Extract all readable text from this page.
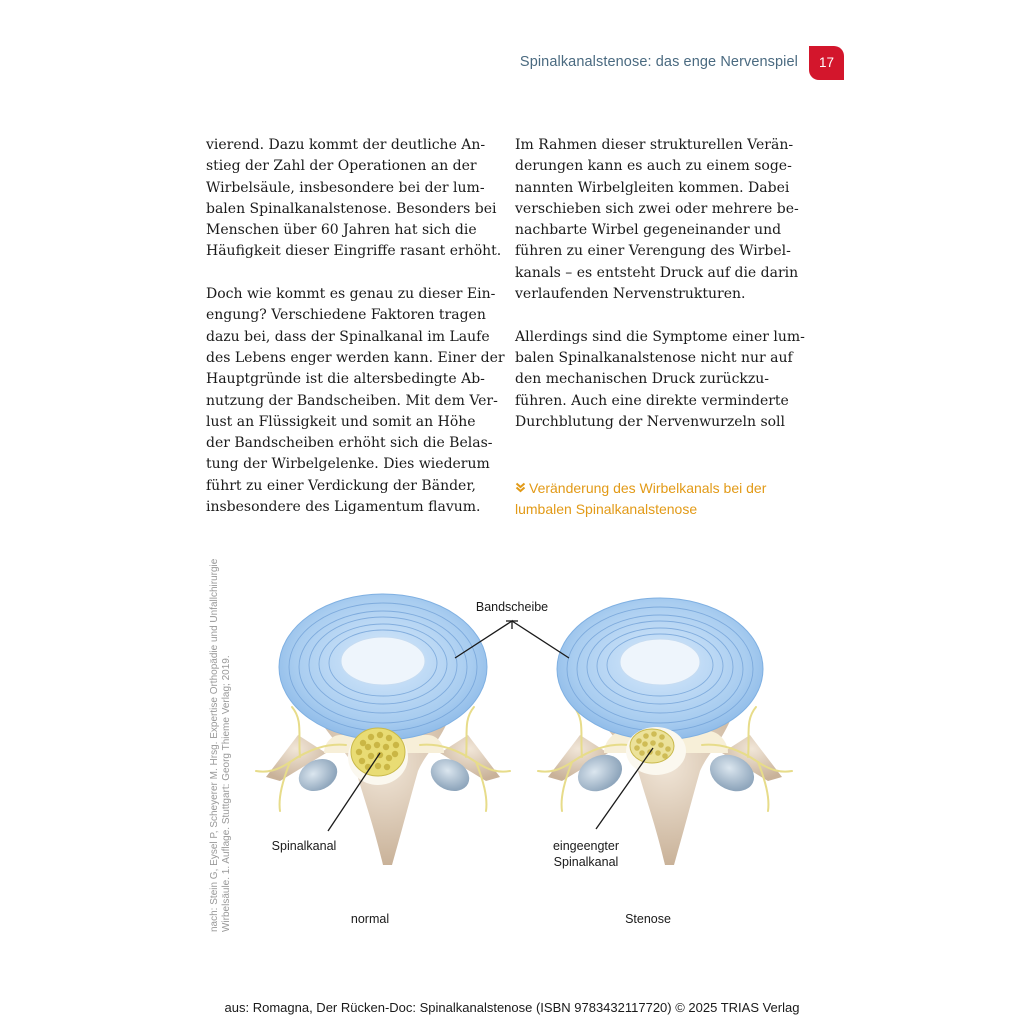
Spinalkanalstenose: das enge Nervenspiel	17

vierend. Dazu kommt der deutliche An-
stieg der Zahl der Operationen an der
Wirbelsäule, insbesondere bei der lum-
balen Spinalkanalstenose. Besonders bei
Menschen über 60 Jahren hat sich die
Häufigkeit dieser Eingriffe rasant erhöht.

Doch wie kommt es genau zu dieser Ein-
engung? Verschiedene Faktoren tragen
dazu bei, dass der Spinalkanal im Laufe
des Lebens enger werden kann. Einer der
Hauptgründe ist die altersbedingte Ab-
nutzung der Bandscheiben. Mit dem Ver-
lust an Flüssigkeit und somit an Höhe
der Bandscheiben erhöht sich die Belas-
tung der Wirbelgelenke. Dies wiederum
führt zu einer Verdickung der Bänder,
insbesondere des Ligamentum flavum.

Im Rahmen dieser strukturellen Verän-
derungen kann es auch zu einem soge-
nannten Wirbelgleiten kommen. Dabei
verschieben sich zwei oder mehrere be-
nachbarte Wirbel gegeneinander und
führen zu einer Verengung des Wirbel-
kanals – es entsteht Druck auf die darin
verlaufenden Nervenstrukturen.

Allerdings sind die Symptome einer lum-
balen Spinalkanalstenose nicht nur auf
den mechanischen Druck zurückzu-
führen. Auch eine direkte verminderte
Durchblutung der Nervenwurzeln soll

Veränderung des Wirbelkanals bei der
lumbalen Spinalkanalstenose
nach: Stein G, Eysel P, Scheyerer M. Hrsg. Expertise Orthopädie und Unfallchirurgie Wirbelsäule. 1. Auflage. Stuttgart: Georg Thieme Verlag; 2019.
Bandscheibe
Spinalkanal	eingeengter
Spinalkanal
normal	Stenose
aus: Romagna, Der Rücken-Doc: Spinalkanalstenose (ISBN 9783432117720) © 2025 TRIAS Verlag
